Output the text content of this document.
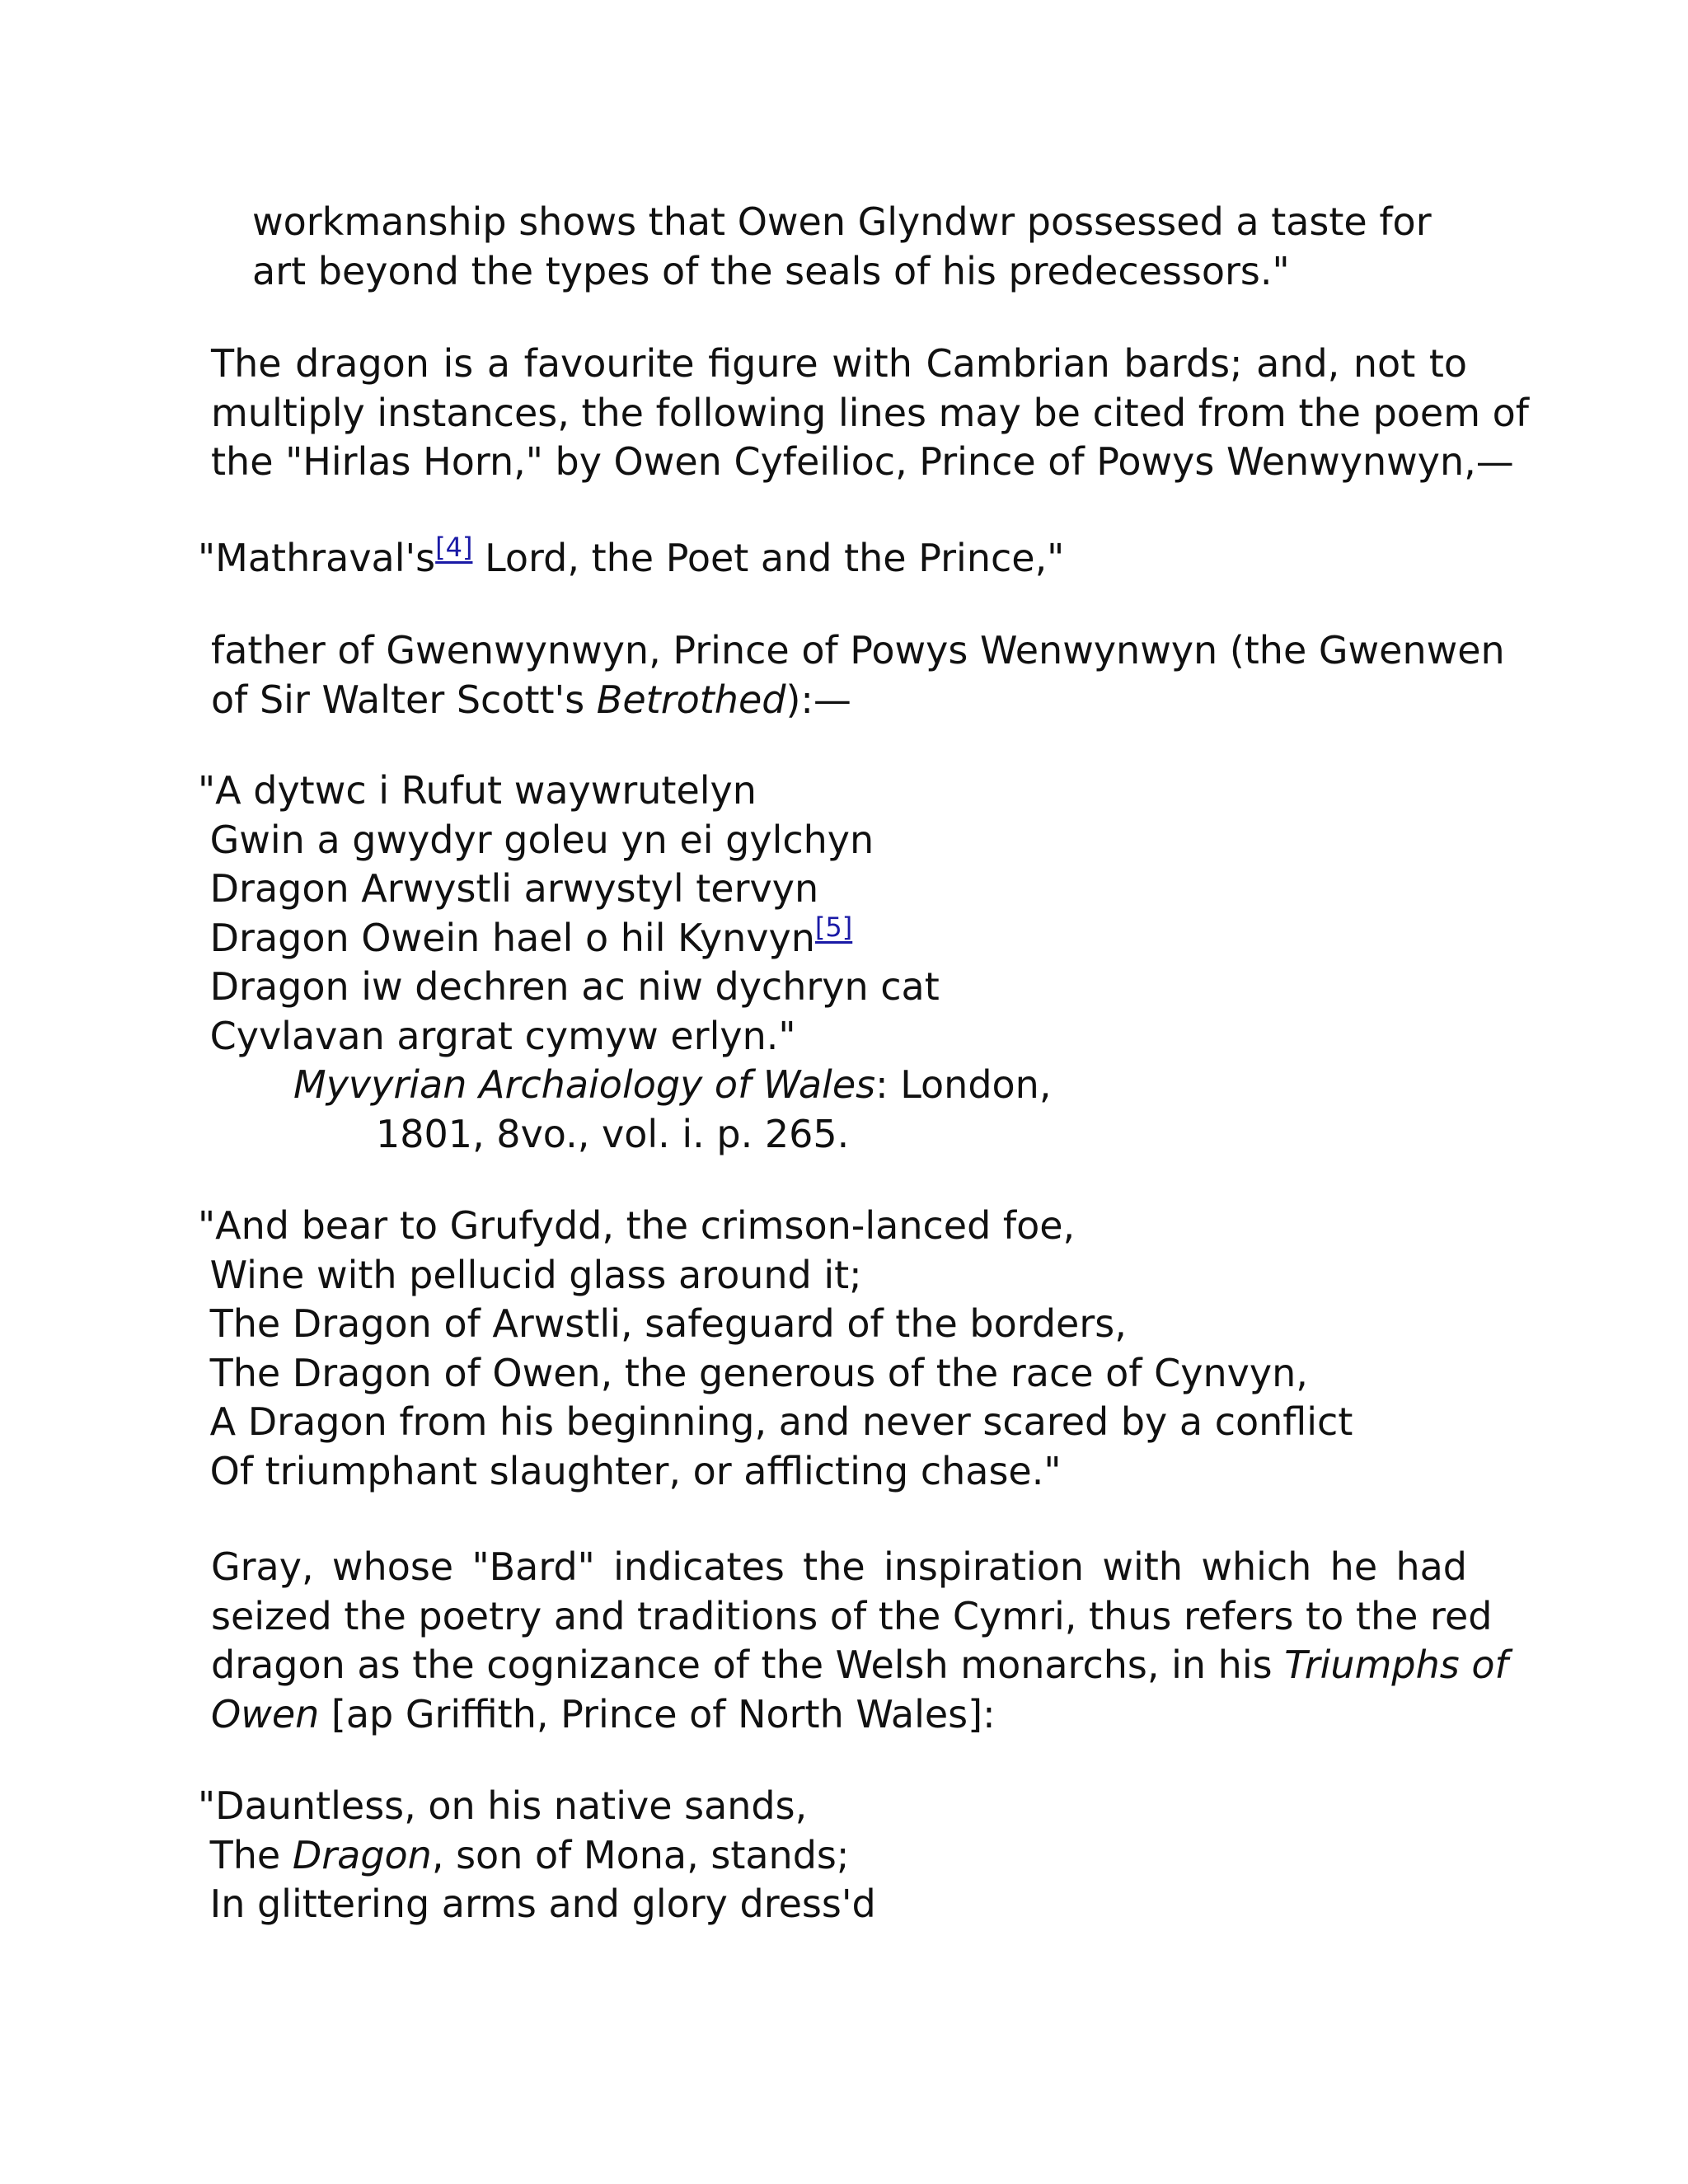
workmanship shows that Owen Glyndwr possessed a taste for
art beyond the types of the seals of his predecessors."
The dragon is a favourite figure with Cambrian bards; and, not to
multiply instances, the following lines may be cited from the poem of
the "Hirlas Horn," by Owen Cyfeilioc, Prince of Powys Wenwynwyn,—
"Mathraval's[4] Lord, the Poet and the Prince,"
father of Gwenwynwyn, Prince of Powys Wenwynwyn (the Gwenwen
of Sir Walter Scott's Betrothed):—
"A dytwc i Rufut waywrutelyn
Gwin a gwydyr goleu yn ei gylchyn
Dragon Arwystli arwystyl tervyn
Dragon Owein hael o hil Kynvyn[5]
Dragon iw dechren ac niw dychryn cat
Cyvlavan argrat cymyw erlyn."
Myvyrian Archaiology of Wales: London,
1801, 8vo., vol. i. p. 265.
"And bear to Grufydd, the crimson-lanced foe,
Wine with pellucid glass around it;
The Dragon of Arwstli, safeguard of the borders,
The Dragon of Owen, the generous of the race of Cynvyn,
A Dragon from his beginning, and never scared by a conflict
Of triumphant slaughter, or afflicting chase."
Gray, whose "Bard" indicates the inspiration with which he had
seized the poetry and traditions of the Cymri, thus refers to the red
dragon as the cognizance of the Welsh monarchs, in his Triumphs of
Owen [ap Griffith, Prince of North Wales]:
"Dauntless, on his native sands,
The Dragon, son of Mona, stands;
In glittering arms and glory dress'd
